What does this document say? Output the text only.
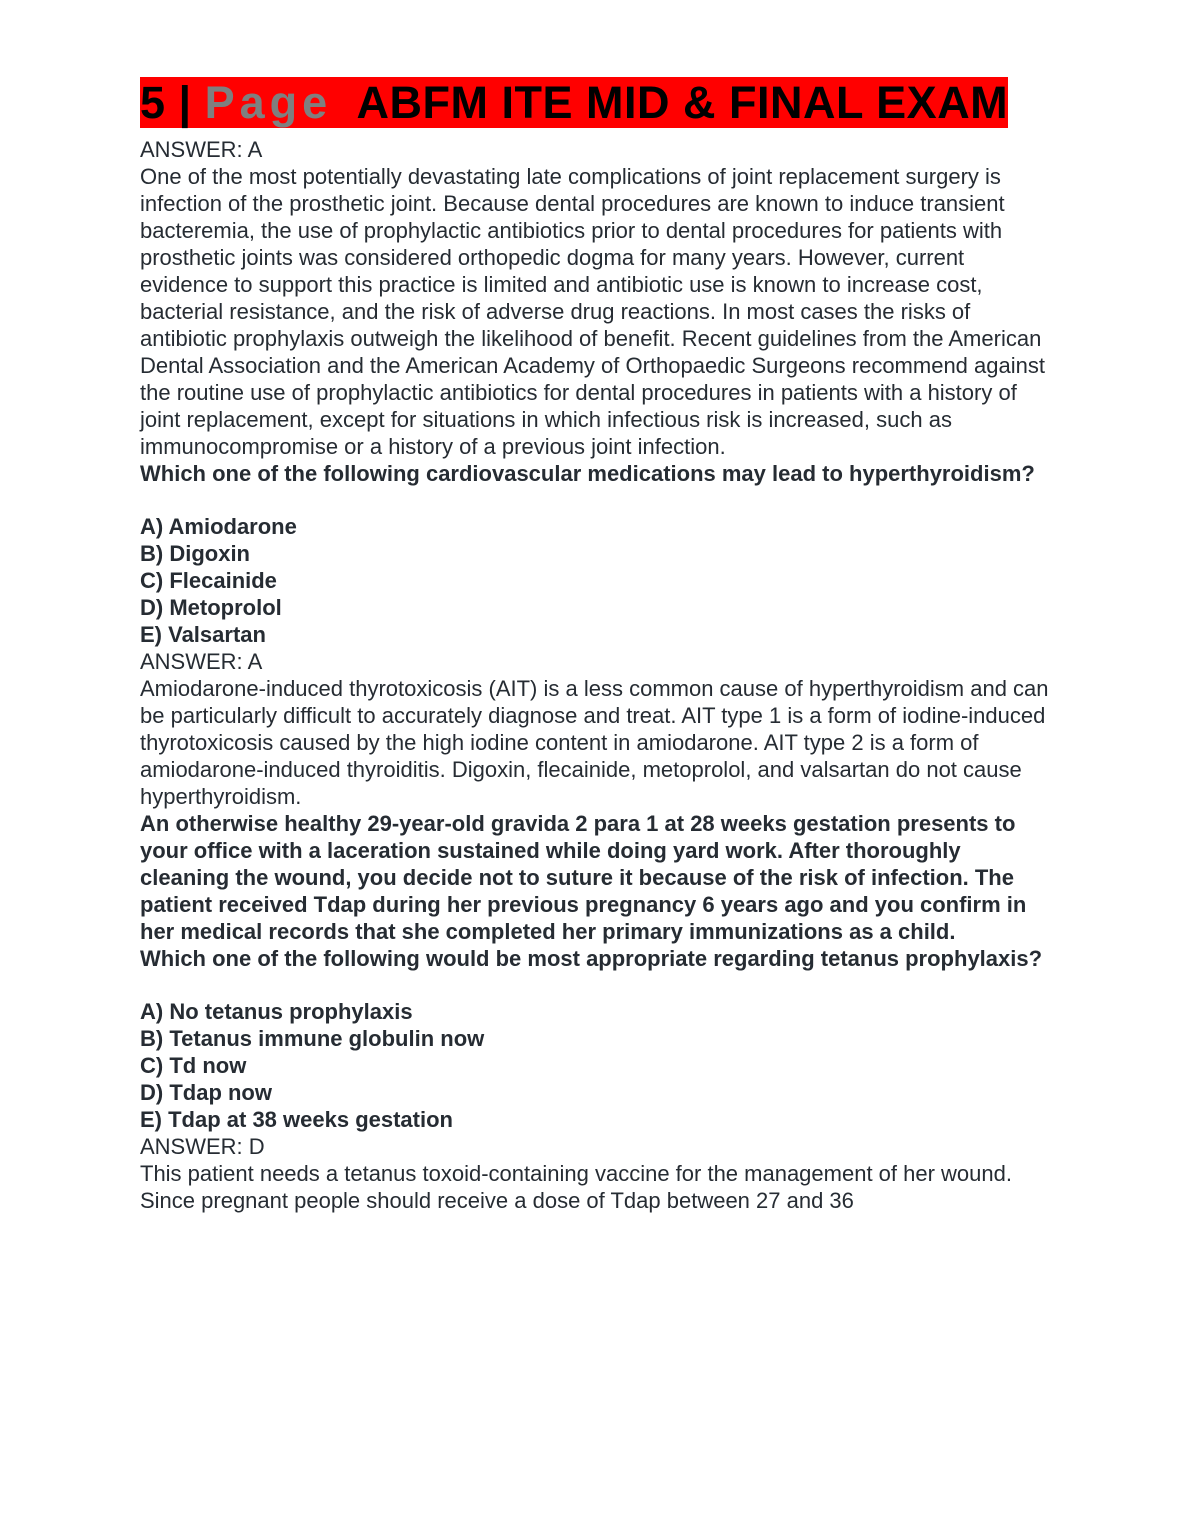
5 | Page ABFM ITE MID & FINAL EXAM

ANSWER: A

One of the most potentially devastating late complications of joint replacement surgery is infection of the prosthetic joint. Because dental procedures are known to induce transient bacteremia, the use of prophylactic antibiotics prior to dental procedures for patients with prosthetic joints was considered orthopedic dogma for many years. However, current evidence to support this practice is limited and antibiotic use is known to increase cost, bacterial resistance, and the risk of adverse drug reactions. In most cases the risks of antibiotic prophylaxis outweigh the likelihood of benefit. Recent guidelines from the American Dental Association and the American Academy of Orthopaedic Surgeons recommend against the routine use of prophylactic antibiotics for dental procedures in patients with a history of joint replacement, except for situations in which infectious risk is increased, such as immunocompromise or a history of a previous joint infection.

Which one of the following cardiovascular medications may lead to hyperthyroidism?

A) Amiodarone

B) Digoxin

C) Flecainide

D) Metoprolol

E) Valsartan

ANSWER: A

Amiodarone-induced thyrotoxicosis (AIT) is a less common cause of hyperthyroidism and can be particularly difficult to accurately diagnose and treat. AIT type 1 is a form of iodine-induced thyrotoxicosis caused by the high iodine content in amiodarone. AIT type 2 is a form of amiodarone-induced thyroiditis. Digoxin, flecainide, metoprolol, and valsartan do not cause hyperthyroidism.

An otherwise healthy 29-year-old gravida 2 para 1 at 28 weeks gestation presents to your office with a laceration sustained while doing yard work. After thoroughly cleaning the wound, you decide not to suture it because of the risk of infection. The patient received Tdap during her previous pregnancy 6 years ago and you confirm in her medical records that she completed her primary immunizations as a child.

Which one of the following would be most appropriate regarding tetanus prophylaxis?

A) No tetanus prophylaxis

B) Tetanus immune globulin now

C) Td now

D) Tdap now

E) Tdap at 38 weeks gestation

ANSWER: D

This patient needs a tetanus toxoid-containing vaccine for the management of her wound. Since pregnant people should receive a dose of Tdap between 27 and 36
